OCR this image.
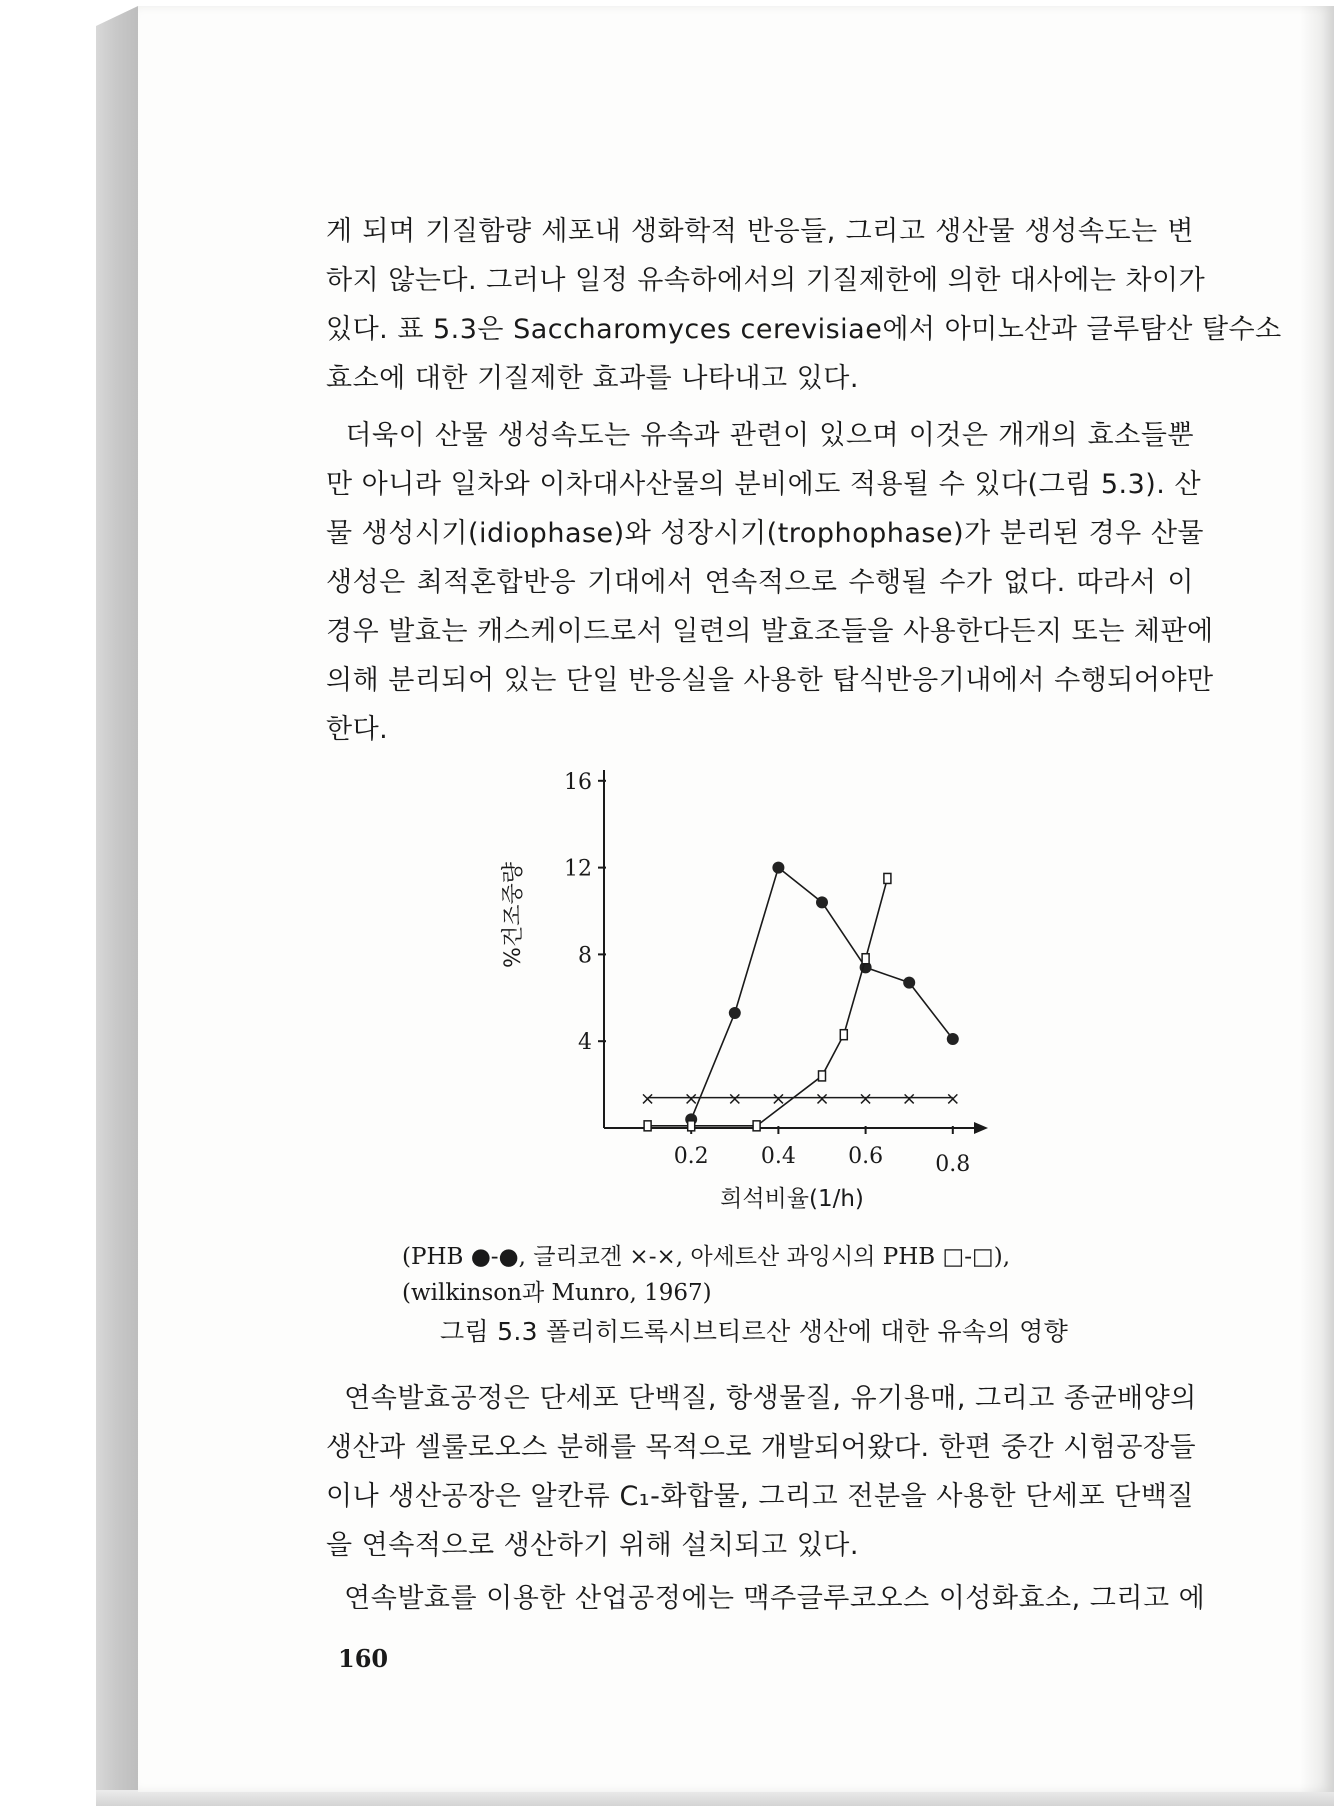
게 되며 기질함량 세포내 생화학적 반응들, 그리고 생산물 생성속도는 변
하지 않는다. 그러나 일정 유속하에서의 기질제한에 의한 대사에는 차이가
있다. 표 5.3은 Saccharomyces cerevisiae에서 아미노산과 글루탐산 탈수소
효소에 대한 기질제한 효과를 나타내고 있다.
더욱이 산물 생성속도는 유속과 관련이 있으며 이것은 개개의 효소들뿐
만 아니라 일차와 이차대사산물의 분비에도 적용될 수 있다(그림 5.3). 산
물 생성시기(idiophase)와 성장시기(trophophase)가 분리된 경우 산물
생성은 최적혼합반응 기대에서 연속적으로 수행될 수가 없다. 따라서 이
경우 발효는 캐스케이드로서 일련의 발효조들을 사용한다든지 또는 체판에
의해 분리되어 있는 단일 반응실을 사용한 탑식반응기내에서 수행되어야만
한다.
4
8
12
16
0.2 0.4 0.6 0.8
× × × × × × × ×
%건조중량
희석비율(1/h)
(PHB ●-●, 글리코겐 ×-×, 아세트산 과잉시의 PHB □-□),
(wilkinson과 Munro, 1967)
그림 5.3 폴리히드록시브티르산 생산에 대한 유속의 영향
연속발효공정은 단세포 단백질, 항생물질, 유기용매, 그리고 종균배양의
생산과 셀룰로오스 분해를 목적으로 개발되어왔다. 한편 중간 시험공장들
이나 생산공장은 알칸류 C₁-화합물, 그리고 전분을 사용한 단세포 단백질
을 연속적으로 생산하기 위해 설치되고 있다.
연속발효를 이용한 산업공정에는 맥주글루코오스 이성화효소, 그리고 에
160
